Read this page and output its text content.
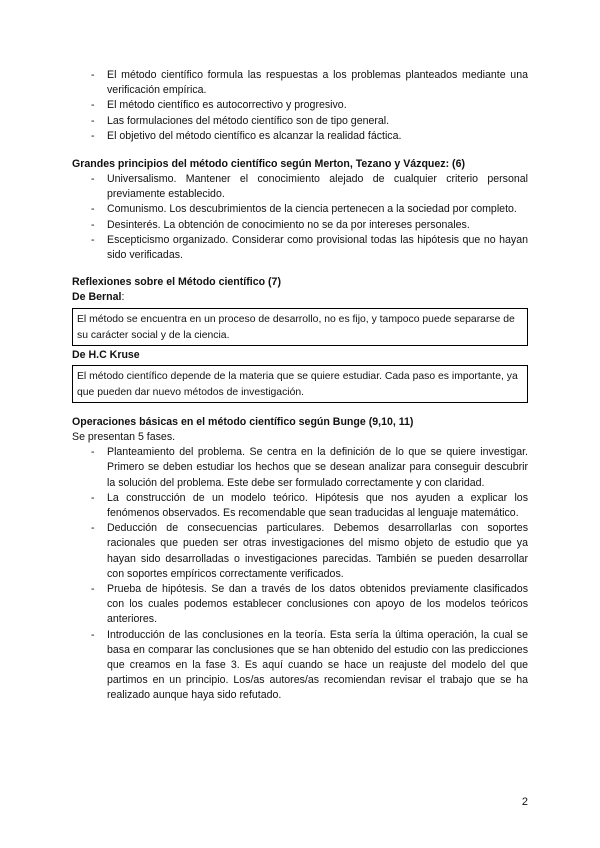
- El método científico formula las respuestas a los problemas planteados mediante una verificación empírica.
- El método científico es autocorrectivo y progresivo.
- Las formulaciones del método científico son de tipo general.
- El objetivo del método científico es alcanzar la realidad fáctica.

Grandes principios del método científico según Merton, Tezano y Vázquez: (6)

- Universalismo. Mantener el conocimiento alejado de cualquier criterio personal previamente establecido.
- Comunismo. Los descubrimientos de la ciencia pertenecen a la sociedad por completo.
- Desinterés. La obtención de conocimiento no se da por intereses personales.
- Escepticismo organizado. Considerar como provisional todas las hipótesis que no hayan sido verificadas.

Reflexiones sobre el Método científico (7)

De Bernal:

El método se encuentra en un proceso de desarrollo, no es fijo, y tampoco puede separarse de su carácter social y de la ciencia.

De H.C Kruse

El método científico depende de la materia que se quiere estudiar. Cada paso es importante, ya que pueden dar nuevo métodos de investigación.

Operaciones básicas en el método científico según Bunge (9,10, 11)

Se presentan 5 fases.

- Planteamiento del problema. Se centra en la definición de lo que se quiere investigar. Primero se deben estudiar los hechos que se desean analizar para conseguir descubrir la solución del problema. Este debe ser formulado correctamente y con claridad.
- La construcción de un modelo teórico. Hipótesis que nos ayuden a explicar los fenómenos observados. Es recomendable que sean traducidas al lenguaje matemático.
- Deducción de consecuencias particulares. Debemos desarrollarlas con soportes racionales que pueden ser otras investigaciones del mismo objeto de estudio que ya hayan sido desarrolladas o investigaciones parecidas. También se pueden desarrollar con soportes empíricos correctamente verificados.
- Prueba de hipótesis. Se dan a través de los datos obtenidos previamente clasificados con los cuales podemos establecer conclusiones con apoyo de los modelos teóricos anteriores.
- Introducción de las conclusiones en la teoría. Esta sería la última operación, la cual se basa en comparar las conclusiones que se han obtenido del estudio con las predicciones que creamos en la fase 3. Es aquí cuando se hace un reajuste del modelo del que partimos en un principio. Los/as autores/as recomiendan revisar el trabajo que se ha realizado aunque haya sido refutado.
2
